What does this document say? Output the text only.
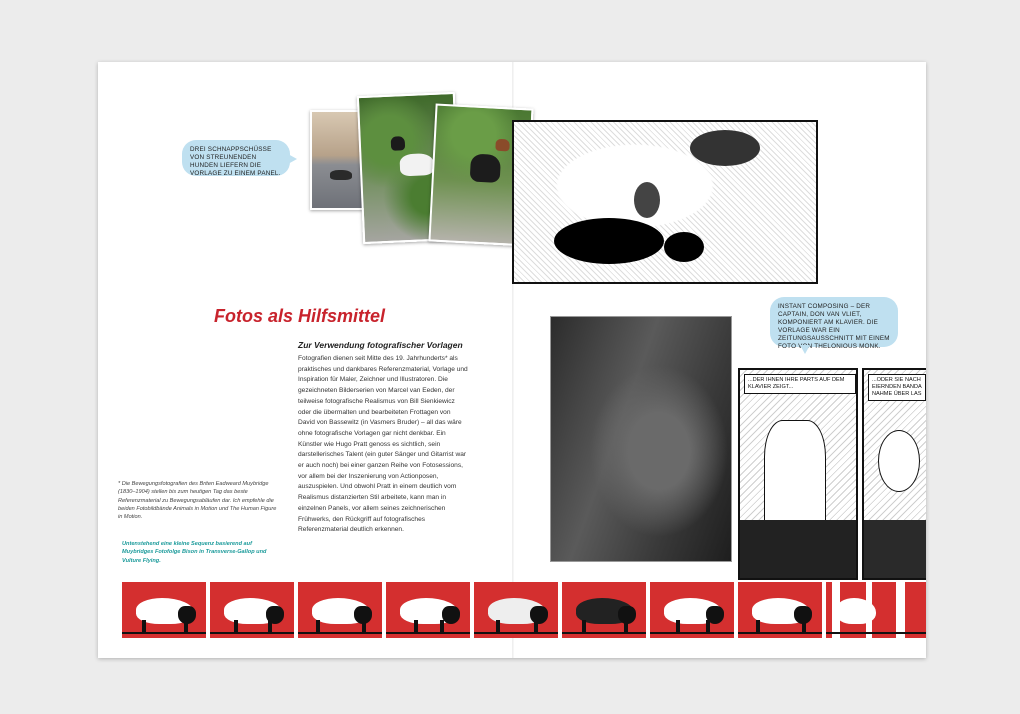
DREI SCHNAPPSCHÜSSE VON STREUNENDEN HUNDEN LIEFERN DIE VORLAGE ZU EINEM PANEL.
Fotos als Hilfsmittel
Zur Verwendung fotografischer Vorlagen
Fotografien dienen seit Mitte des 19. Jahrhunderts* als praktisches und dankbares Referenzmaterial, Vorlage und Inspiration für Maler, Zeichner und Illustratoren. Die gezeichneten Bilderserien von Marcel van Eeden, der teilweise fotografische Realismus von Bill Sienkiewicz oder die übermalten und bearbeiteten Frottagen von David von Bassewitz (in Vasmers Bruder) – all das wäre ohne fotografische Vorlagen gar nicht denkbar. Ein Künstler wie Hugo Pratt genoss es sichtlich, sein darstellerisches Talent (ein guter Sänger und Gitarrist war er auch noch) bei einer ganzen Reihe von Fotosessions, vor allem bei der Inszenierung von Actionposen, auszuspielen. Und obwohl Pratt in einem deutlich vom Realismus distanzierten Stil arbeitete, kann man in einzelnen Panels, vor allem seines zeichnerischen Frühwerks, den Rückgriff auf fotografisches Referenzmaterial deutlich erkennen.
* Die Bewegungsfotografien des Briten Eadweard Muybridge (1830–1904) stellen bis zum heutigen Tag das beste Referenzmaterial zu Bewegungsabläufen dar. Ich empfehle die beiden Fotobildbände Animals in Motion und The Human Figure in Motion.
Untenstehend eine kleine Sequenz basierend auf Muybridges Fotofolge Bison in Transverse-Gallop und Vulture Flying.
INSTANT COMPOSING – DER CAPTAIN, DON VAN VLIET, KOMPONIERT AM KLAVIER. DIE VORLAGE WAR EIN ZEITUNGSAUSSCHNITT MIT EINEM FOTO VON THELONIOUS MONK.
...DER IHNEN IHRE PARTS AUF DEM KLAVIER ZEIGT...
...ODER SIE NACH EIERNDEN BANDA NAHME ÜBER LAS
